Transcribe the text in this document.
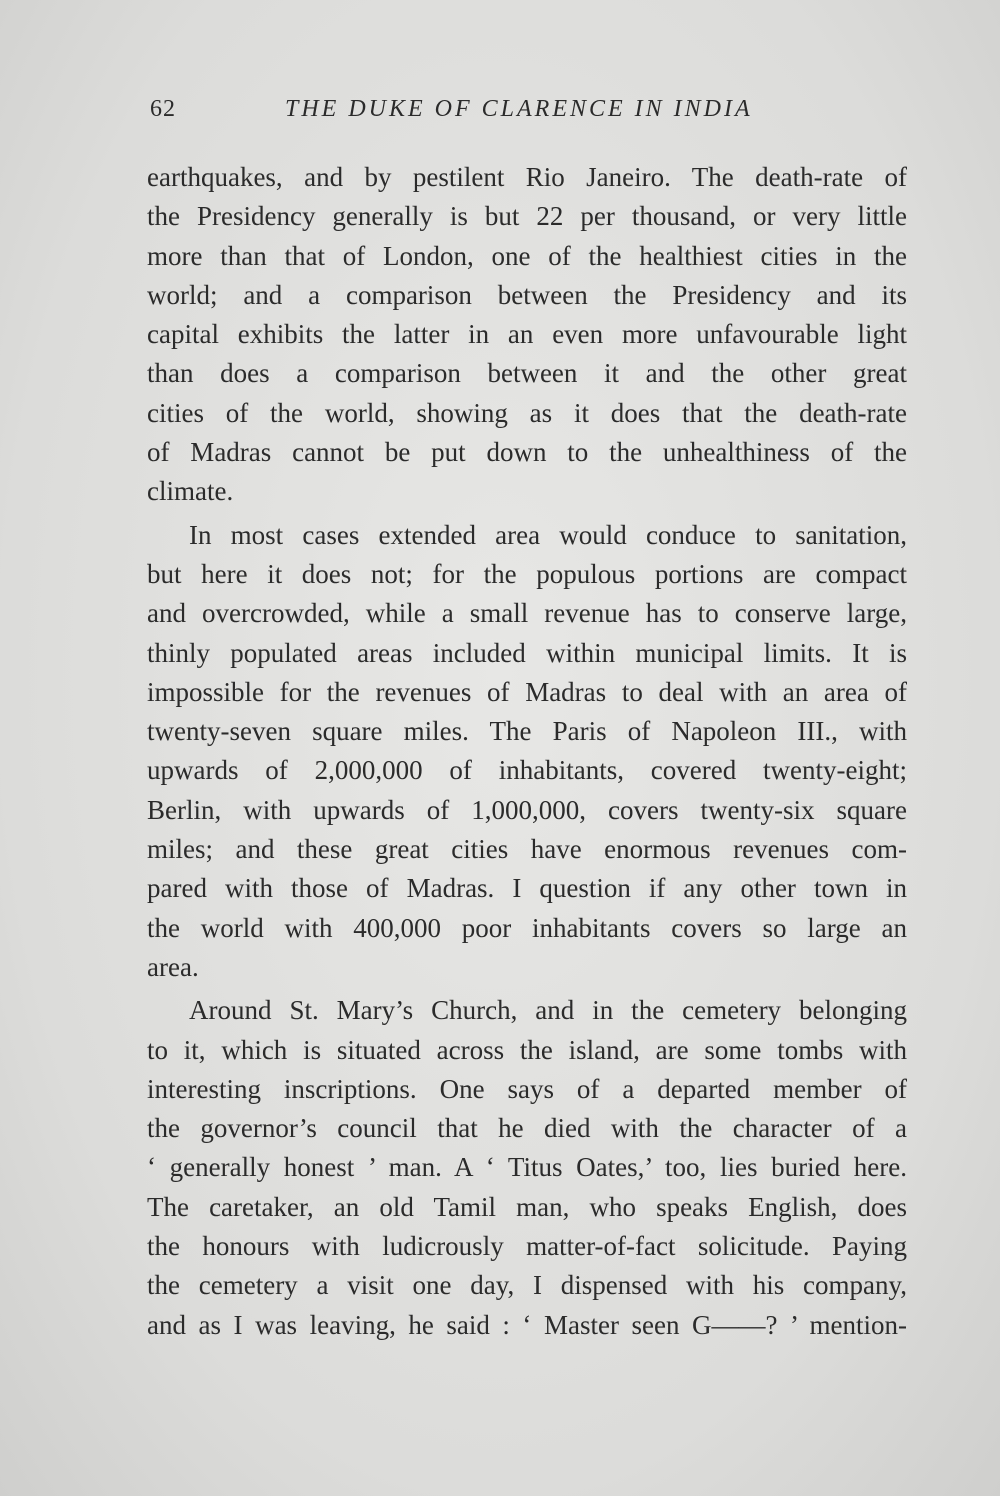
62	THE DUKE OF CLARENCE IN INDIA
earthquakes, and by pestilent Rio Janeiro. The death-rate of
the Presidency generally is but 22 per thousand, or very little
more than that of London, one of the healthiest cities in the
world; and a comparison between the Presidency and its
capital exhibits the latter in an even more unfavourable light
than does a comparison between it and the other great
cities of the world, showing as it does that the death-rate
of Madras cannot be put down to the unhealthiness of the
climate.
In most cases extended area would conduce to sanitation,
but here it does not; for the populous portions are compact
and overcrowded, while a small revenue has to conserve large,
thinly populated areas included within municipal limits. It is
impossible for the revenues of Madras to deal with an area of
twenty-seven square miles. The Paris of Napoleon III., with
upwards of 2,000,000 of inhabitants, covered twenty-eight;
Berlin, with upwards of 1,000,000, covers twenty-six square
miles; and these great cities have enormous revenues com-
pared with those of Madras. I question if any other town in
the world with 400,000 poor inhabitants covers so large an
area.
Around St. Mary’s Church, and in the cemetery belonging
to it, which is situated across the island, are some tombs with
interesting inscriptions. One says of a departed member of
the governor’s council that he died with the character of a
‘ generally honest ’ man. A ‘ Titus Oates,’ too, lies buried here.
The caretaker, an old Tamil man, who speaks English, does
the honours with ludicrously matter-of-fact solicitude. Paying
the cemetery a visit one day, I dispensed with his company,
and as I was leaving, he said : ‘ Master seen G——? ’ mention-
